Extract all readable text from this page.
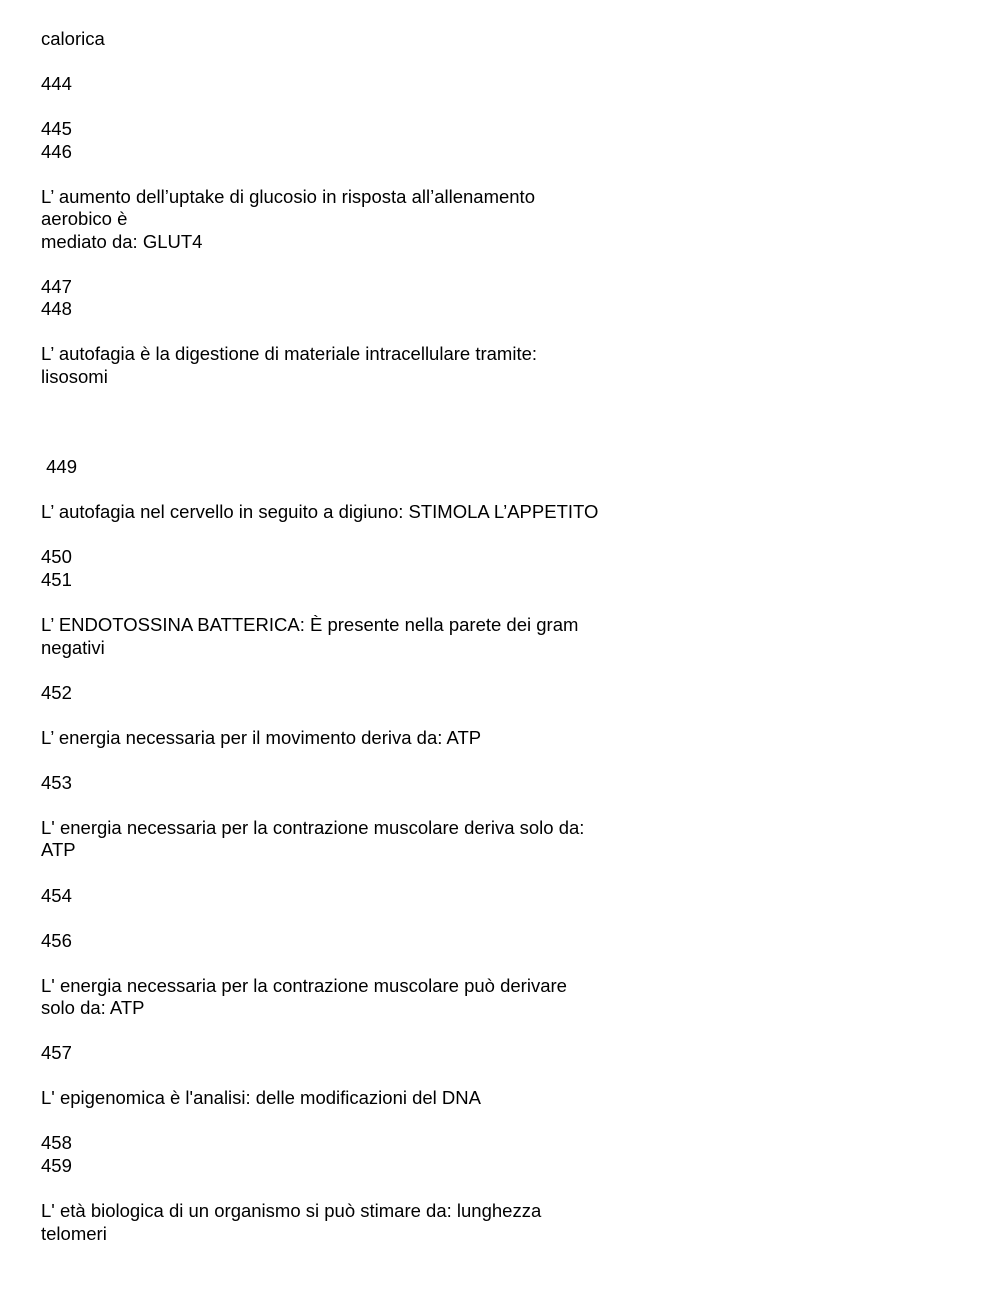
calorica

444

445

446

L’ aumento dell’uptake di glucosio in risposta all’allenamento

aerobico è

mediato da: GLUT4

447

448

L’ autofagia è la digestione di materiale intracellulare tramite:

lisosomi

449

L’ autofagia nel cervello in seguito a digiuno: STIMOLA L’APPETITO

450

451

L’ ENDOTOSSINA BATTERICA: È presente nella parete dei gram

negativi

452

L’ energia necessaria per il movimento deriva da: ATP

453

L' energia necessaria per la contrazione muscolare deriva solo da:

ATP

454

456

L' energia necessaria per la contrazione muscolare può derivare

solo da: ATP

457

L' epigenomica è l'analisi: delle modificazioni del DNA

458

459

L' età biologica di un organismo si può stimare da: lunghezza

telomeri
